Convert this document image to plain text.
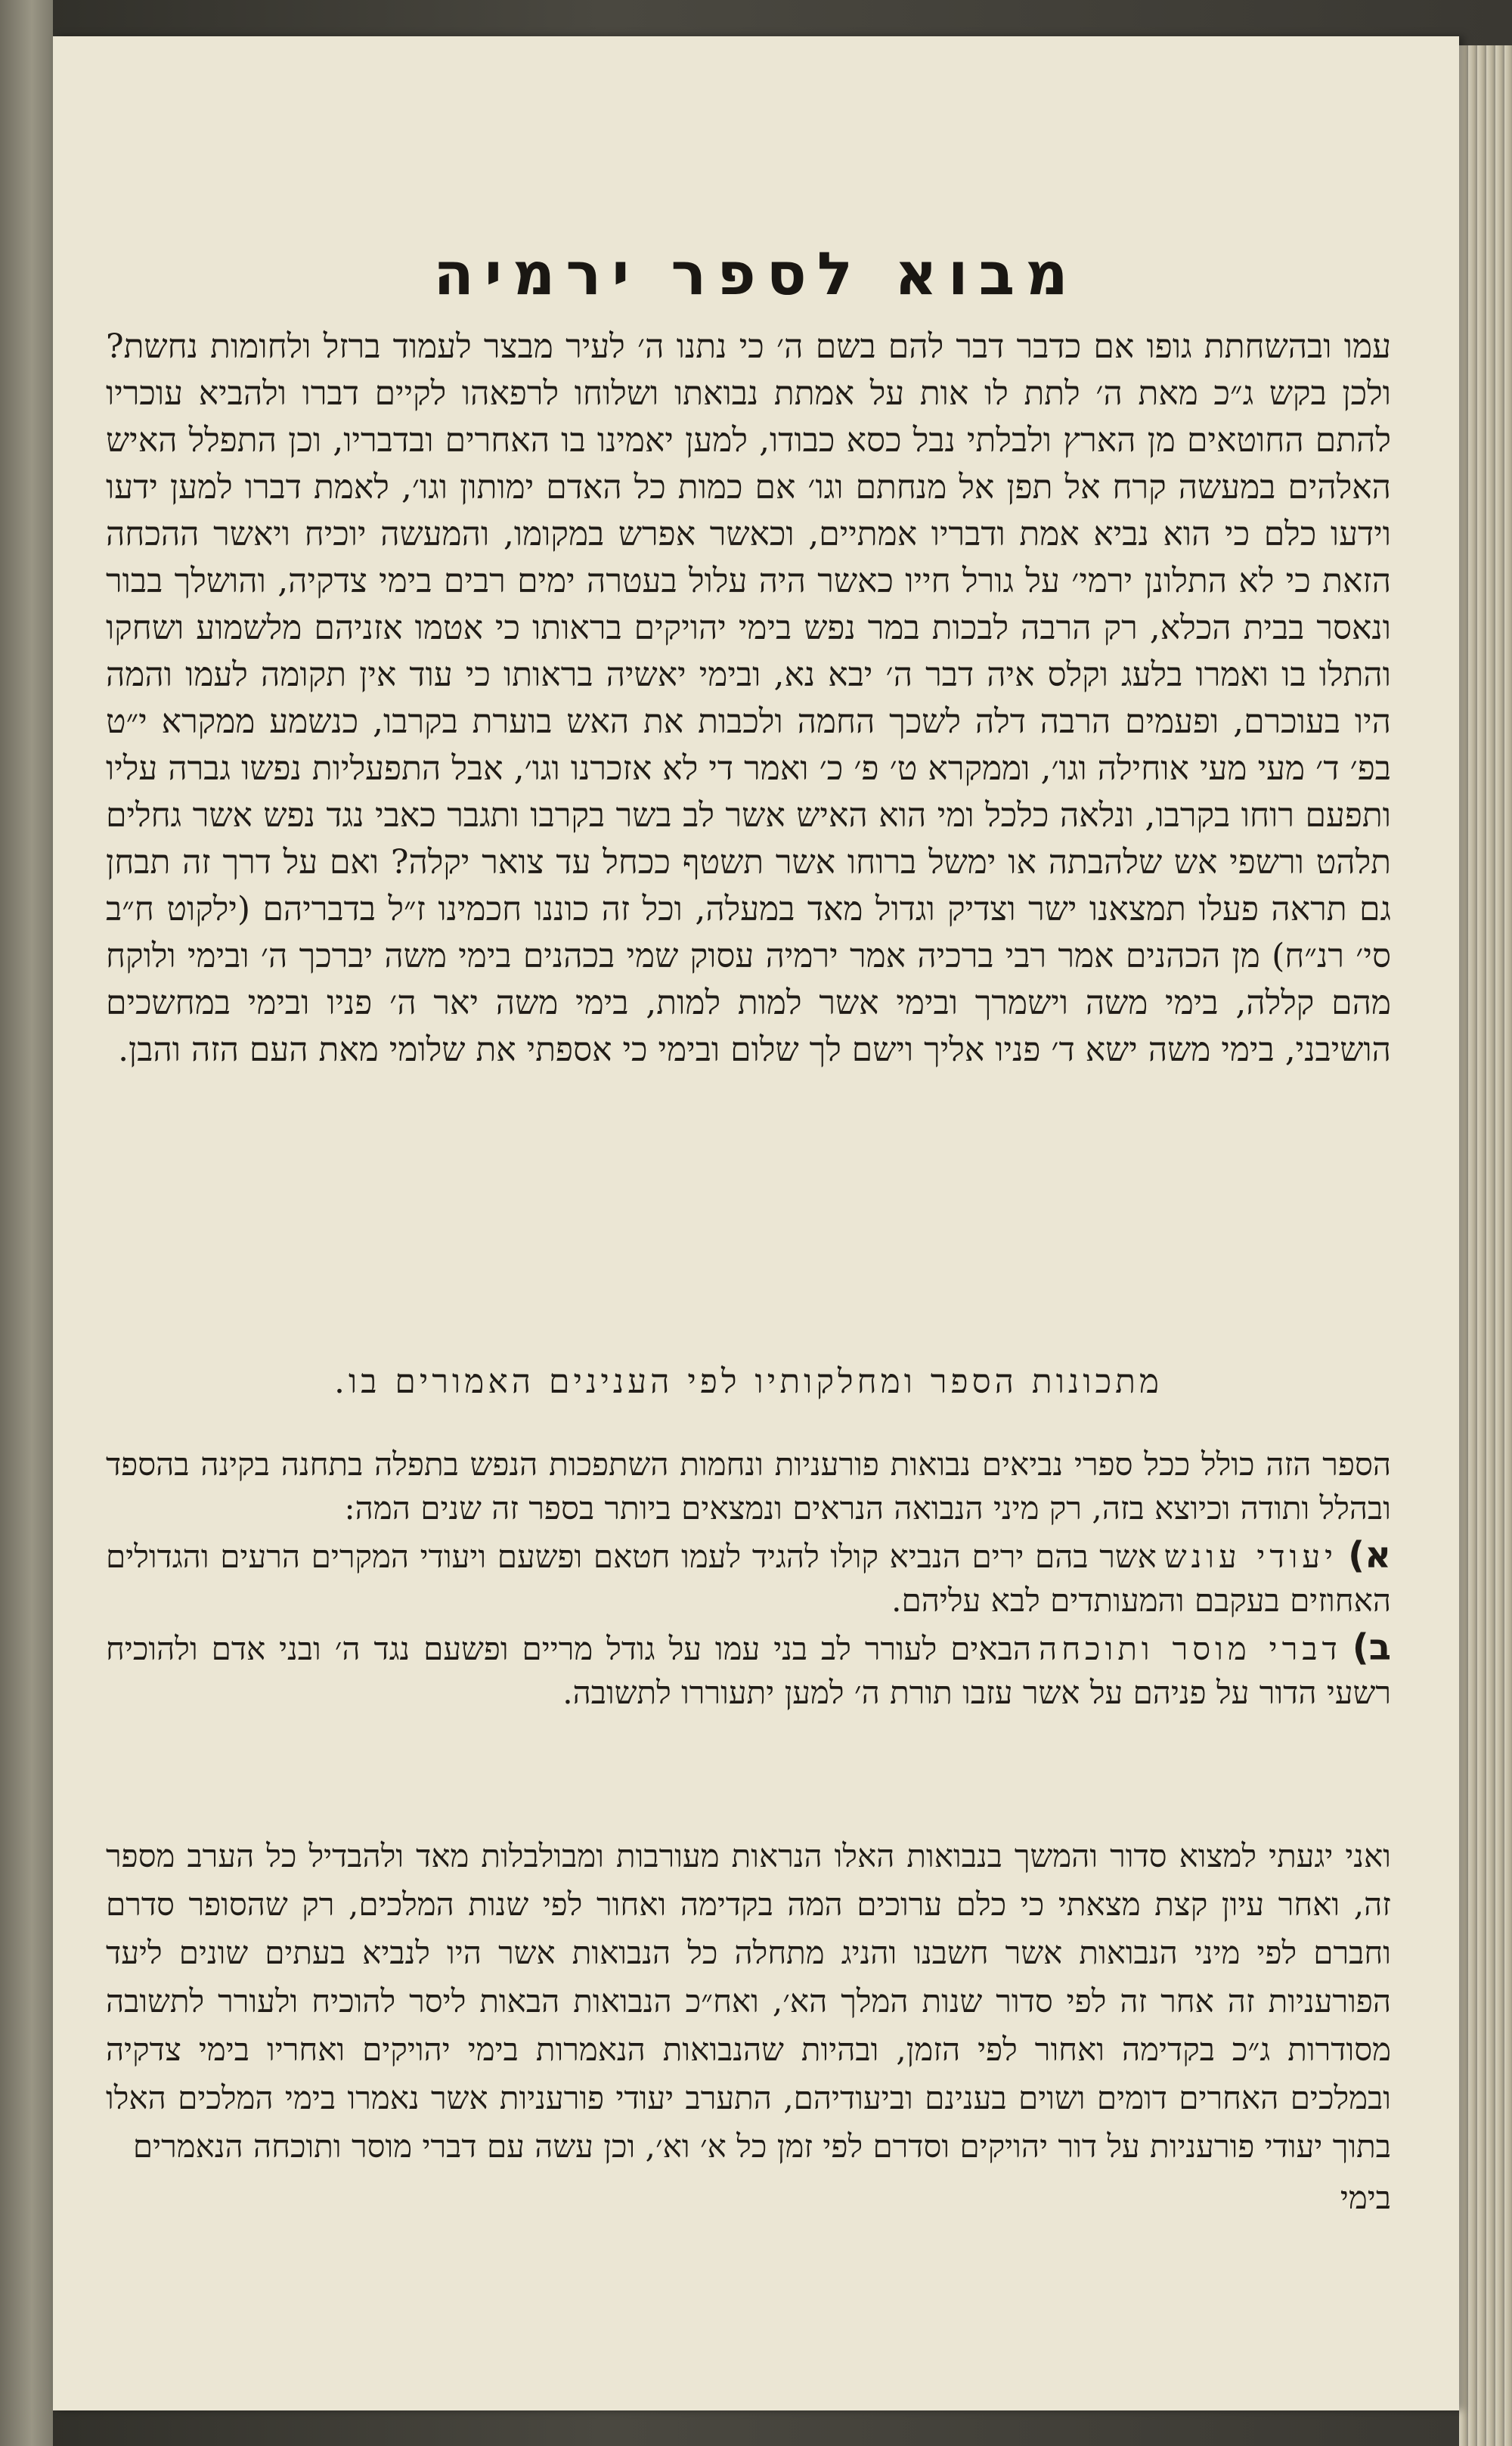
מבוא לספר ירמיה

עמו ובהשחתת גופו אם כדבר דבר להם בשם ה׳ כי נתנו ה׳ לעיר מבצר לעמוד ברזל ולחומות נחשת? ולכן בקש ג״כ מאת ה׳ לתת לו אות על אמתת נבואתו ושלוחו לרפאהו לקיים דברו ולהביא עוכריו להתם החוטאים מן הארץ ולבלתי נבל כסא כבודו, למען יאמינו בו האחרים ובדבריו, וכן התפלל האיש האלהים במעשה קרח אל תפן אל מנחתם וגו׳ אם כמות כל האדם ימותון וגו׳, לאמת דברו למען ידעו וידעו כלם כי הוא נביא אמת ודבריו אמתיים, וכאשר אפרש במקומו, והמעשה יוכיח ויאשר ההכחה הזאת כי לא התלונן ירמי׳ על גורל חייו כאשר היה עלול בעטרה ימים רבים בימי צדקיה, והושלך בבור ונאסר בבית הכלא, רק הרבה לבכות במר נפש בימי יהויקים בראותו כי אטמו אזניהם מלשמוע ושחקו והתלו בו ואמרו בלעג וקלס איה דבר ה׳ יבא נא, ובימי יאשיה בראותו כי עוד אין תקומה לעמו והמה היו בעוכרם, ופעמים הרבה דלה לשכך החמה ולכבות את האש בוערת בקרבו, כנשמע ממקרא י״ט בפ׳ ד׳ מעי מעי אוחילה וגו׳, וממקרא ט׳ פ׳ כ׳ ואמר די לא אזכרנו וגו׳, אבל התפעליות נפשו גברה עליו ותפעם רוחו בקרבו, ונלאה כלכל ומי הוא האיש אשר לב בשר בקרבו ותגבר כאבי נגד נפש אשר גחלים תלהט ורשפי אש שלהבתה או ימשל ברוחו אשר תשטף ככחל עד צואר יקלה? ואם על דרך זה תבחן גם תראה פעלו תמצאנו ישר וצדיק וגדול מאד במעלה, וכל זה כוננו חכמינו ז״ל בדבריהם (ילקוט ח״ב סי׳ רנ״ח) מן הכהנים אמר רבי ברכיה אמר ירמיה עסוק שמי בכהנים בימי משה יברכך ה׳ ובימי ולוקח מהם קללה, בימי משה וישמרך ובימי אשר למות למות, בימי משה יאר ה׳ פניו ובימי במחשכים הושיבני, בימי משה ישא ד׳ פניו אליך וישם לך שלום ובימי כי אספתי את שלומי מאת העם הזה והבן.

מתכונות הספר ומחלקותיו לפי הענינים האמורים בו.

הספר הזה כולל ככל ספרי נביאים נבואות פורעניות ונחמות השתפכות הנפש בתפלה בתחנה בקינה בהספד ובהלל ותודה וכיוצא בזה, רק מיני הנבואה הנראים ונמצאים ביותר בספר זה שנים המה:

א)יעודי עונשאשר בהם ירים הנביא קולו להגיד לעמו חטאם ופשעם ויעודי המקרים הרעים והגדולים האחוזים בעקבם והמעותדים לבא עליהם.

ב)דברי מוסר ותוכחההבאים לעורר לב בני עמו על גודל מריים ופשעם נגד ה׳ ובני אדם ולהוכיח רשעי הדור על פניהם על אשר עזבו תורת ה׳ למען יתעוררו לתשובה.

ואני יגעתי למצוא סדור והמשך בנבואות האלו הנראות מעורבות ומבולבלות מאד ולהבדיל כל הערב מספר זה, ואחר עיון קצת מצאתי כי כלם ערוכים המה בקדימה ואחור לפי שנות המלכים, רק שהסופר סדרם וחברם לפי מיני הנבואות אשר חשבנו והניג מתחלה כל הנבואות אשר היו לנביא בעתים שונים ליעד הפורעניות זה אחר זה לפי סדור שנות המלך הא׳, ואח״כ הנבואות הבאות ליסר להוכיח ולעורר לתשובה מסודרות ג״כ בקדימה ואחור לפי הזמן, ובהיות שהנבואות הנאמרות בימי יהויקים ואחריו בימי צדקיה ובמלכים האחרים דומים ושוים בענינם וביעודיהם, התערב יעודי פורעניות אשר נאמרו בימי המלכים האלו בתוך יעודי פורעניות על דור יהויקים וסדרם לפי זמן כל א׳ וא׳, וכן עשה עם דברי מוסר ותוכחה הנאמרים

בימי
